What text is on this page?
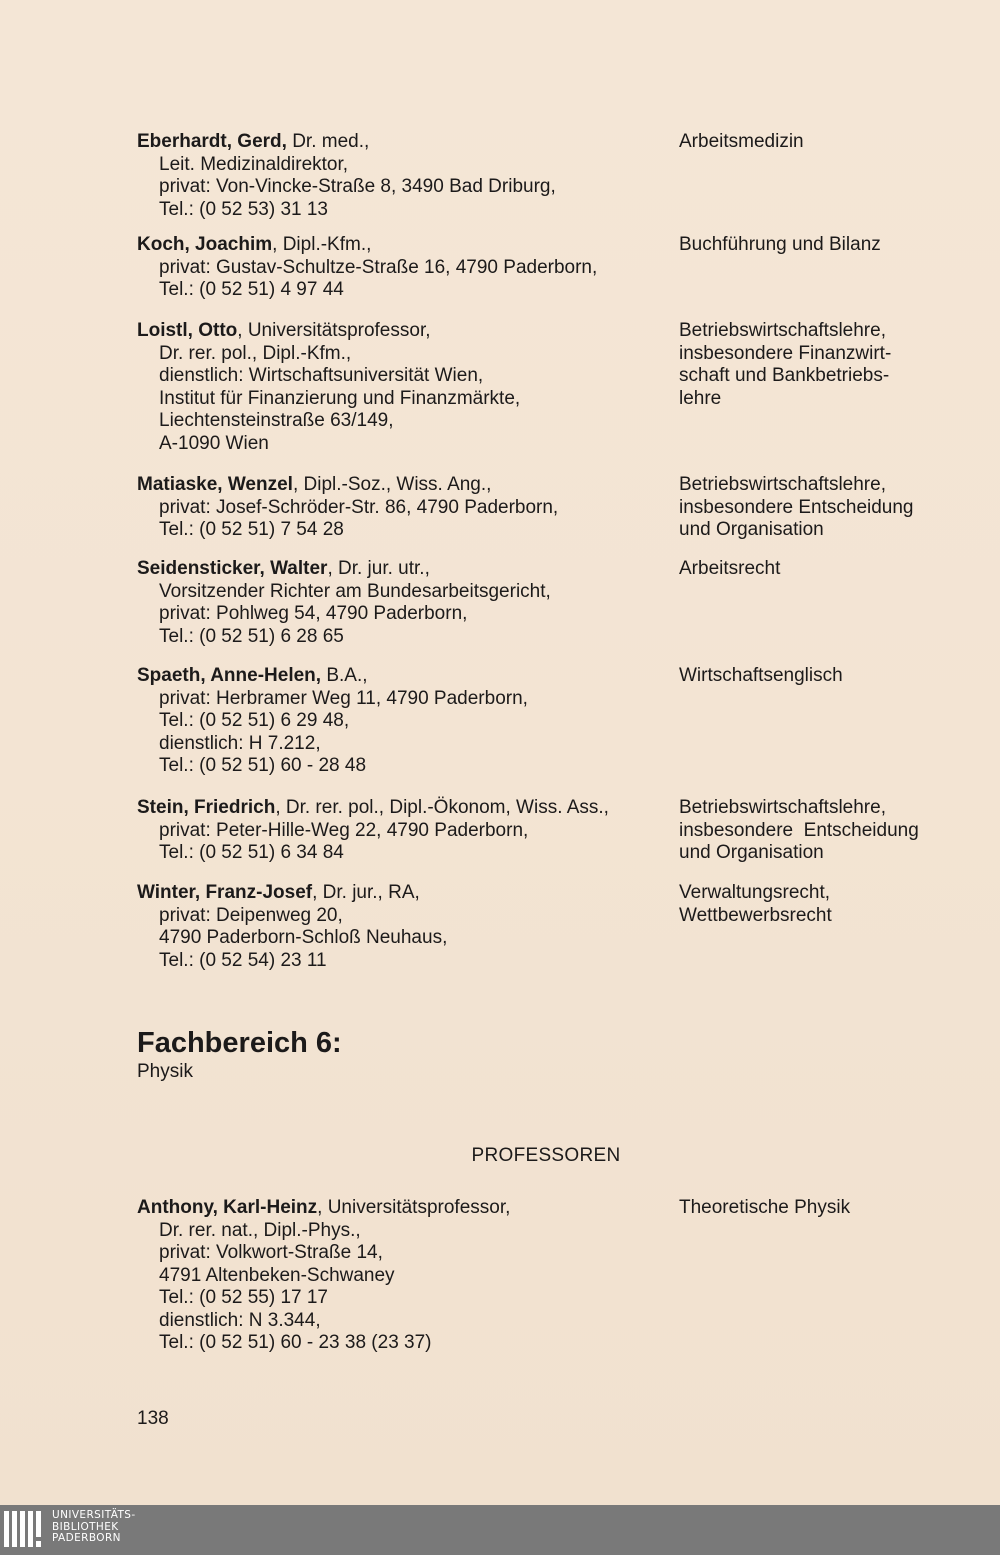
Eberhardt, Gerd, Dr. med.,
Leit. Medizinaldirektor,
privat: Von-Vincke-Straße 8, 3490 Bad Driburg,
Tel.: (0 52 53) 31 13
Arbeitsmedizin
Koch, Joachim, Dipl.-Kfm.,
privat: Gustav-Schultze-Straße 16, 4790 Paderborn,
Tel.: (0 52 51) 4 97 44
Buchführung und Bilanz
Loistl, Otto, Universitätsprofessor,
Dr. rer. pol., Dipl.-Kfm.,
dienstlich: Wirtschaftsuniversität Wien,
Institut für Finanzierung und Finanzmärkte,
Liechtensteinstraße 63/149,
A-1090 Wien
Betriebswirtschaftslehre,
insbesondere Finanzwirt-
schaft und Bankbetriebs-
lehre
Matiaske, Wenzel, Dipl.-Soz., Wiss. Ang.,
privat: Josef-Schröder-Str. 86, 4790 Paderborn,
Tel.: (0 52 51) 7 54 28
Betriebswirtschaftslehre,
insbesondere Entscheidung
und Organisation
Seidensticker, Walter, Dr. jur. utr.,
Vorsitzender Richter am Bundesarbeitsgericht,
privat: Pohlweg 54, 4790 Paderborn,
Tel.: (0 52 51) 6 28 65
Arbeitsrecht
Spaeth, Anne-Helen, B.A.,
privat: Herbramer Weg 11, 4790 Paderborn,
Tel.: (0 52 51) 6 29 48,
dienstlich: H 7.212,
Tel.: (0 52 51) 60 - 28 48
Wirtschaftsenglisch
Stein, Friedrich, Dr. rer. pol., Dipl.-Ökonom, Wiss. Ass.,
privat: Peter-Hille-Weg 22, 4790 Paderborn,
Tel.: (0 52 51) 6 34 84
Betriebswirtschaftslehre,
insbesondere  Entscheidung
und Organisation
Winter, Franz-Josef, Dr. jur., RA,
privat: Deipenweg 20,
4790 Paderborn-Schloß Neuhaus,
Tel.: (0 52 54) 23 11
Verwaltungsrecht,
Wettbewerbsrecht
Fachbereich 6:
Physik
PROFESSOREN
Anthony, Karl-Heinz, Universitätsprofessor,
Dr. rer. nat., Dipl.-Phys.,
privat: Volkwort-Straße 14,
4791 Altenbeken-Schwaney
Tel.: (0 52 55) 17 17
dienstlich: N 3.344,
Tel.: (0 52 51) 60 - 23 38 (23 37)
Theoretische Physik
138
UNIVERSITÄTS-
BIBLIOTHEK
PADERBORN
